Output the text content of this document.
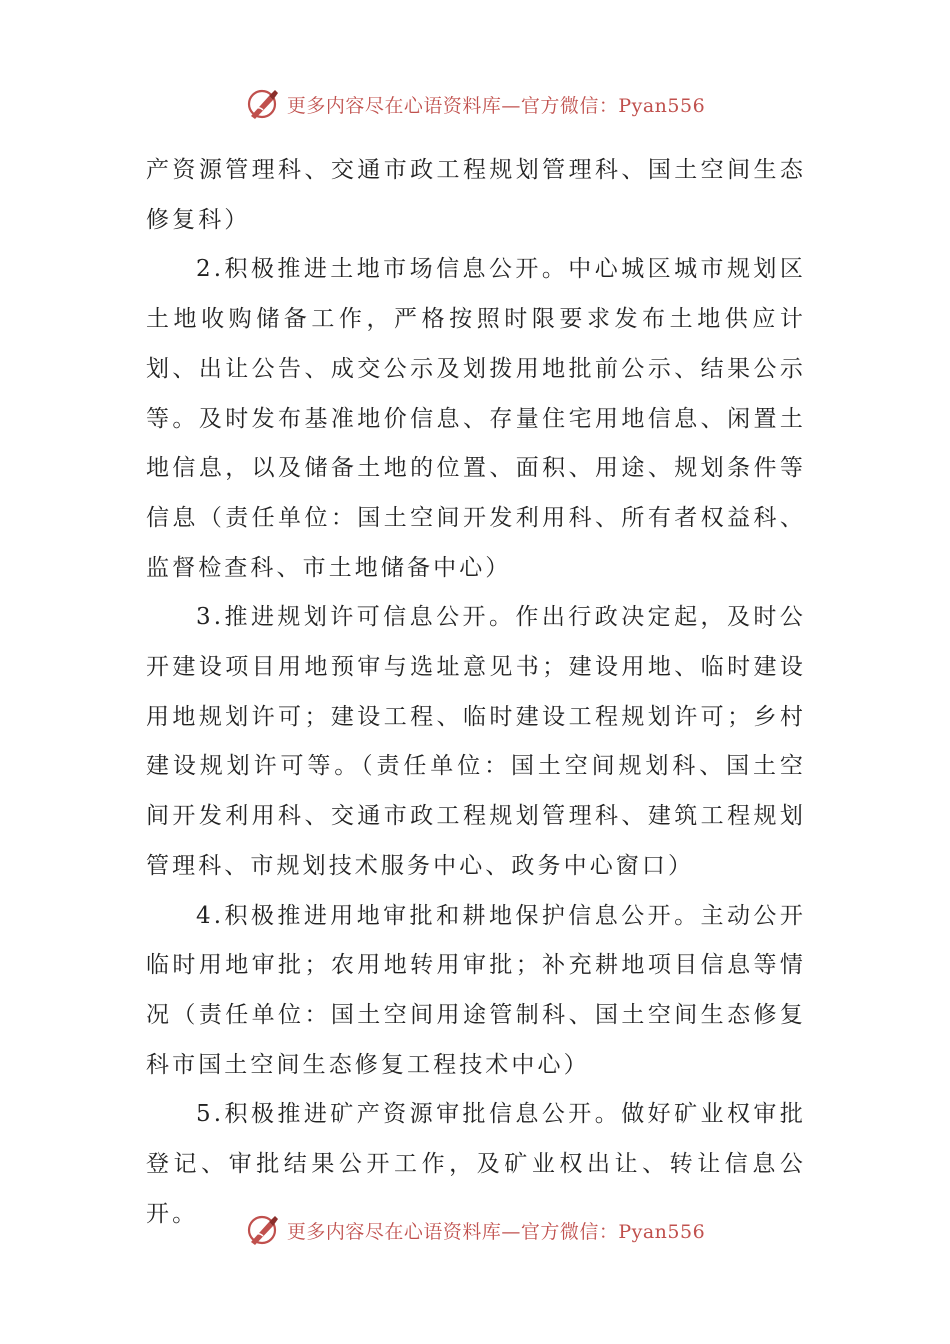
更多内容尽在心语资料库—官方微信：Pyan556

产资源管理科、交通市政工程规划管理科、国土空间生态修复科）

2.积极推进土地市场信息公开。中心城区城市规划区土地收购储备工作，严格按照时限要求发布土地供应计划、出让公告、成交公示及划拨用地批前公示、结果公示等。及时发布基准地价信息、存量住宅用地信息、闲置土地信息，以及储备土地的位置、面积、用途、规划条件等信息（责任单位：国土空间开发利用科、所有者权益科、监督检查科、市土地储备中心）

3.推进规划许可信息公开。作出行政决定起，及时公开建设项目用地预审与选址意见书；建设用地、临时建设用地规划许可；建设工程、临时建设工程规划许可；乡村建设规划许可等。（责任单位：国土空间规划科、国土空间开发利用科、交通市政工程规划管理科、建筑工程规划管理科、市规划技术服务中心、政务中心窗口）

4.积极推进用地审批和耕地保护信息公开。主动公开临时用地审批；农用地转用审批；补充耕地项目信息等情况（责任单位：国土空间用途管制科、国土空间生态修复科市国土空间生态修复工程技术中心）

5.积极推进矿产资源审批信息公开。做好矿业权审批登记、审批结果公开工作，及矿业权出让、转让信息公开。

更多内容尽在心语资料库—官方微信：Pyan556
